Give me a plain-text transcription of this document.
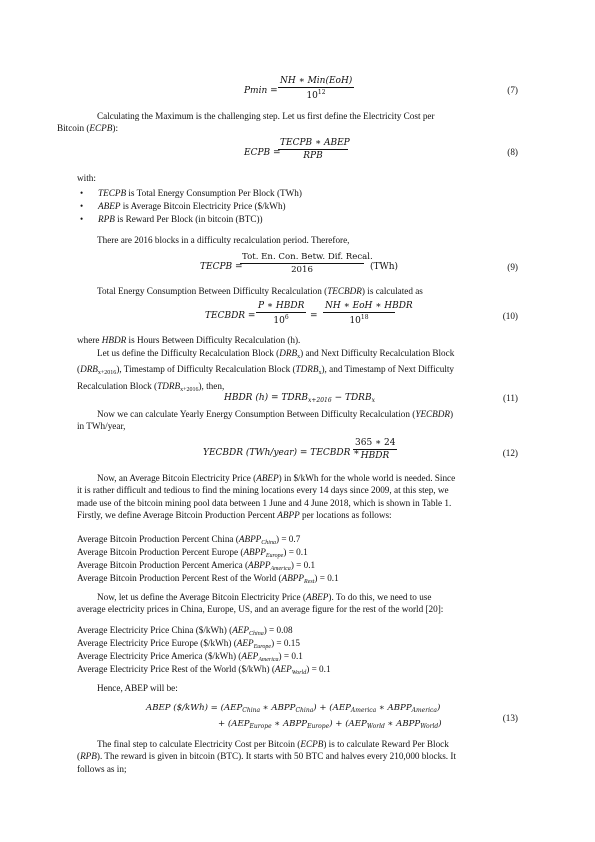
Pmin =
NH ∗ Min(EoH)
$10^{12}$	(7)
Calculating the Maximum is the challenging step. Let us first define the Electricity Cost per
Bitcoin (ECPB):
ECPB =
TECPB ∗ ABEP
RPB	(8)
with:
• TECPB is Total Energy Consumption Per Block (TWh)
• ABEP is Average Bitcoin Electricity Price ($/kWh)
• RPB is Reward Per Block (in bitcoin (BTC))
There are 2016 blocks in a difficulty recalculation period. Therefore,
TECPB =
Tot. En. Con. Betw. Dif. Recal.
2016	(TWh)	(9)
Total Energy Consumption Between Difficulty Recalculation (TECBDR) is calculated as
TECBDR =
P ∗ HBDR
$10^6$	=
NH ∗ EoH ∗ HBDR
$10^{18}$	(10)
where HBDR is Hours Between Difficulty Recalculation (h).
Let us define the Difficulty Recalculation Block $(DRB_x)$ and Next Difficulty Recalculation Block
$(DRB_{x+2016})$, Timestamp of Difficulty Recalculation Block $(TDRB_x)$, and Timestamp of Next Difficulty
Recalculation Block $(TDRB_{x+2016})$, then,
HBDR $(h) = TDRB_{x+2016}$ − $TDRB_x$	(11)
Now we can calculate Yearly Energy Consumption Between Difficulty Recalculation (YECBDR)
in TWh/year,
YECBDR (TWh/year) = TECBDR ∗
365 ∗ 24
HBDR	(12)
Now, an Average Bitcoin Electricity Price (ABEP) in $/kWh for the whole world is needed. Since
it is rather difficult and tedious to find the mining locations every 14 days since 2009, at this step, we
made use of the bitcoin mining pool data between 1 June and 4 June 2018, which is shown in Table 1.
Firstly, we define Average Bitcoin Production Percent ABPP per locations as follows:
Average Bitcoin Production Percent China $(ABPP_{China}) = 0.7$
Average Bitcoin Production Percent Europe $(ABPP_{Europe}) = 0.1$
Average Bitcoin Production Percent America $(ABPP_{America}) = 0.1$
Average Bitcoin Production Percent Rest of the World $(ABPP_{Rest}) = 0.1$
Now, let us define the Average Bitcoin Electricity Price (ABEP). To do this, we need to use
average electricity prices in China, Europe, US, and an average figure for the rest of the world [20]:
Average Electricity Price China ($/kWh) $(AEP_{China}) = 0.08$
Average Electricity Price Europe ($/kWh) $(AEP_{Europe}) = 0.15$
Average Electricity Price America ($/kWh) $(AEP_{America}) = 0.1$
Average Electricity Price Rest of the World ($/kWh) $(AEP_{World}) = 0.1$
Hence, ABEP will be:
ABEP ($/kWh) = ($AEP_{China}$ ∗ $ABPP_{China}) + (AEP_{America}$ ∗ $ABPP_{America}$)
+ ($AEP_{Europe}$ ∗ $ABPP_{Europe}) + (AEP_{World}$ ∗ $ABPP_{World}$)
(13)
The final step to calculate Electricity Cost per Bitcoin (ECPB) is to calculate Reward Per Block
(RPB). The reward is given in bitcoin (BTC). It starts with 50 BTC and halves every 210,000 blocks. It
follows as in;
